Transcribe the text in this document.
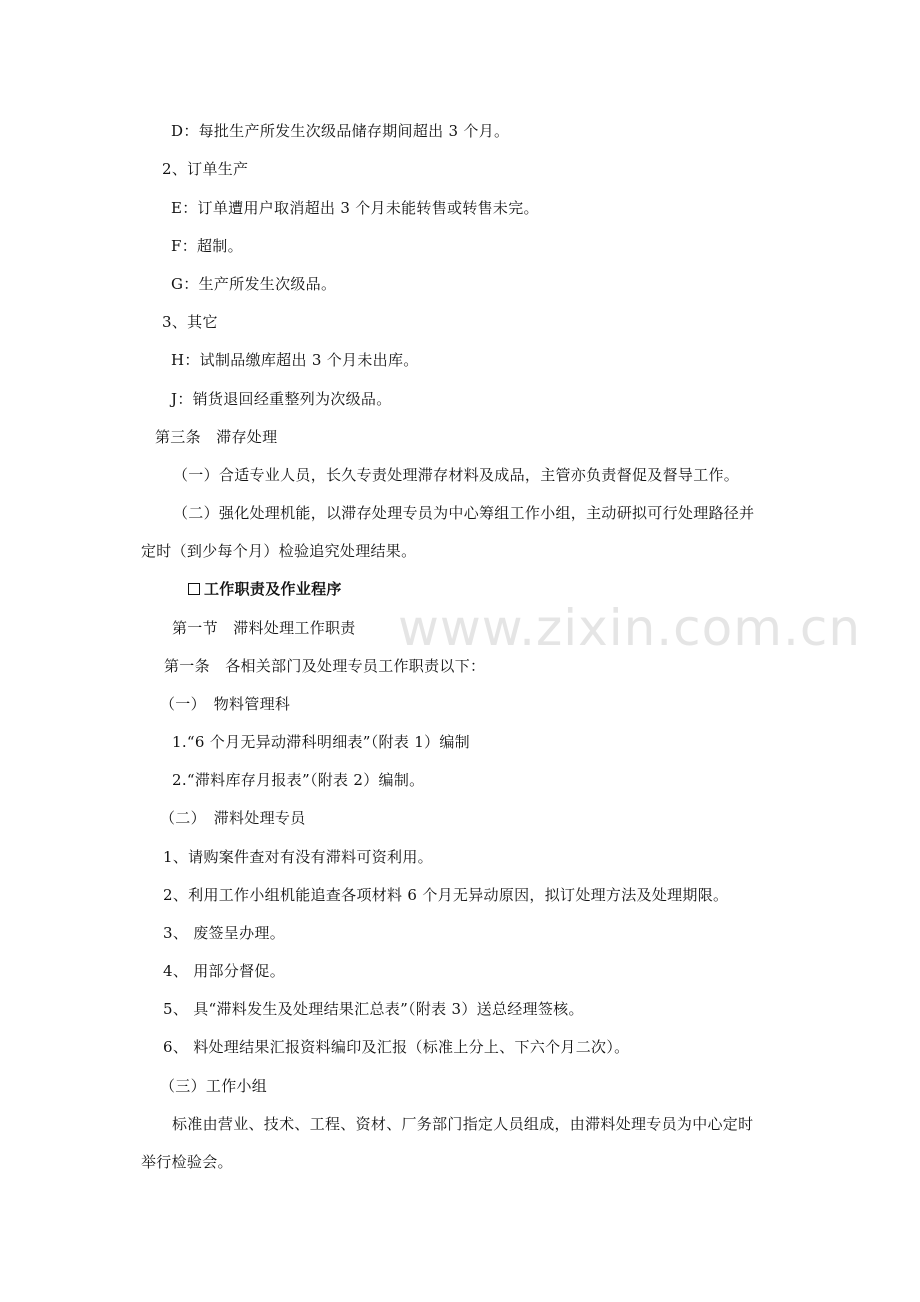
D：每批生产所发生次级品储存期间超出 3 个月。
2、订单生产
E：订单遭用户取消超出 3 个月未能转售或转售未完。
F：超制。
G：生产所发生次级品。
3、其它
H：试制品缴库超出 3 个月未出库。
J：销货退回经重整列为次级品。
第三条　滞存处理
（一）合适专业人员，长久专责处理滞存材料及成品，主管亦负责督促及督导工作。
（二）强化处理机能，以滞存处理专员为中心筹组工作小组，主动研拟可行处理路径并
定时（到少每个月）检验追究处理结果。
工作职责及作业程序
第一节　滞料处理工作职责
第一条　各相关部门及处理专员工作职责以下：
（一）　物料管理科
1.“6 个月无异动滞科明细表”（附表 1）编制
2.“滞料库存月报表”（附表 2）编制。
（二）　滞料处理专员
1、请购案件查对有没有滞料可资利用。
2、利用工作小组机能追查各项材料 6 个月无异动原因，拟订处理方法及处理期限。
3、 废签呈办理。
4、 用部分督促。
5、 具“滞料发生及处理结果汇总表”（附表 3）送总经理签核。
6、 料处理结果汇报资料编印及汇报（标准上分上、下六个月二次）。
（三）工作小组
标准由营业、技术、工程、资材、厂务部门指定人员组成，由滞料处理专员为中心定时
举行检验会。
www.zixin.com.cn
